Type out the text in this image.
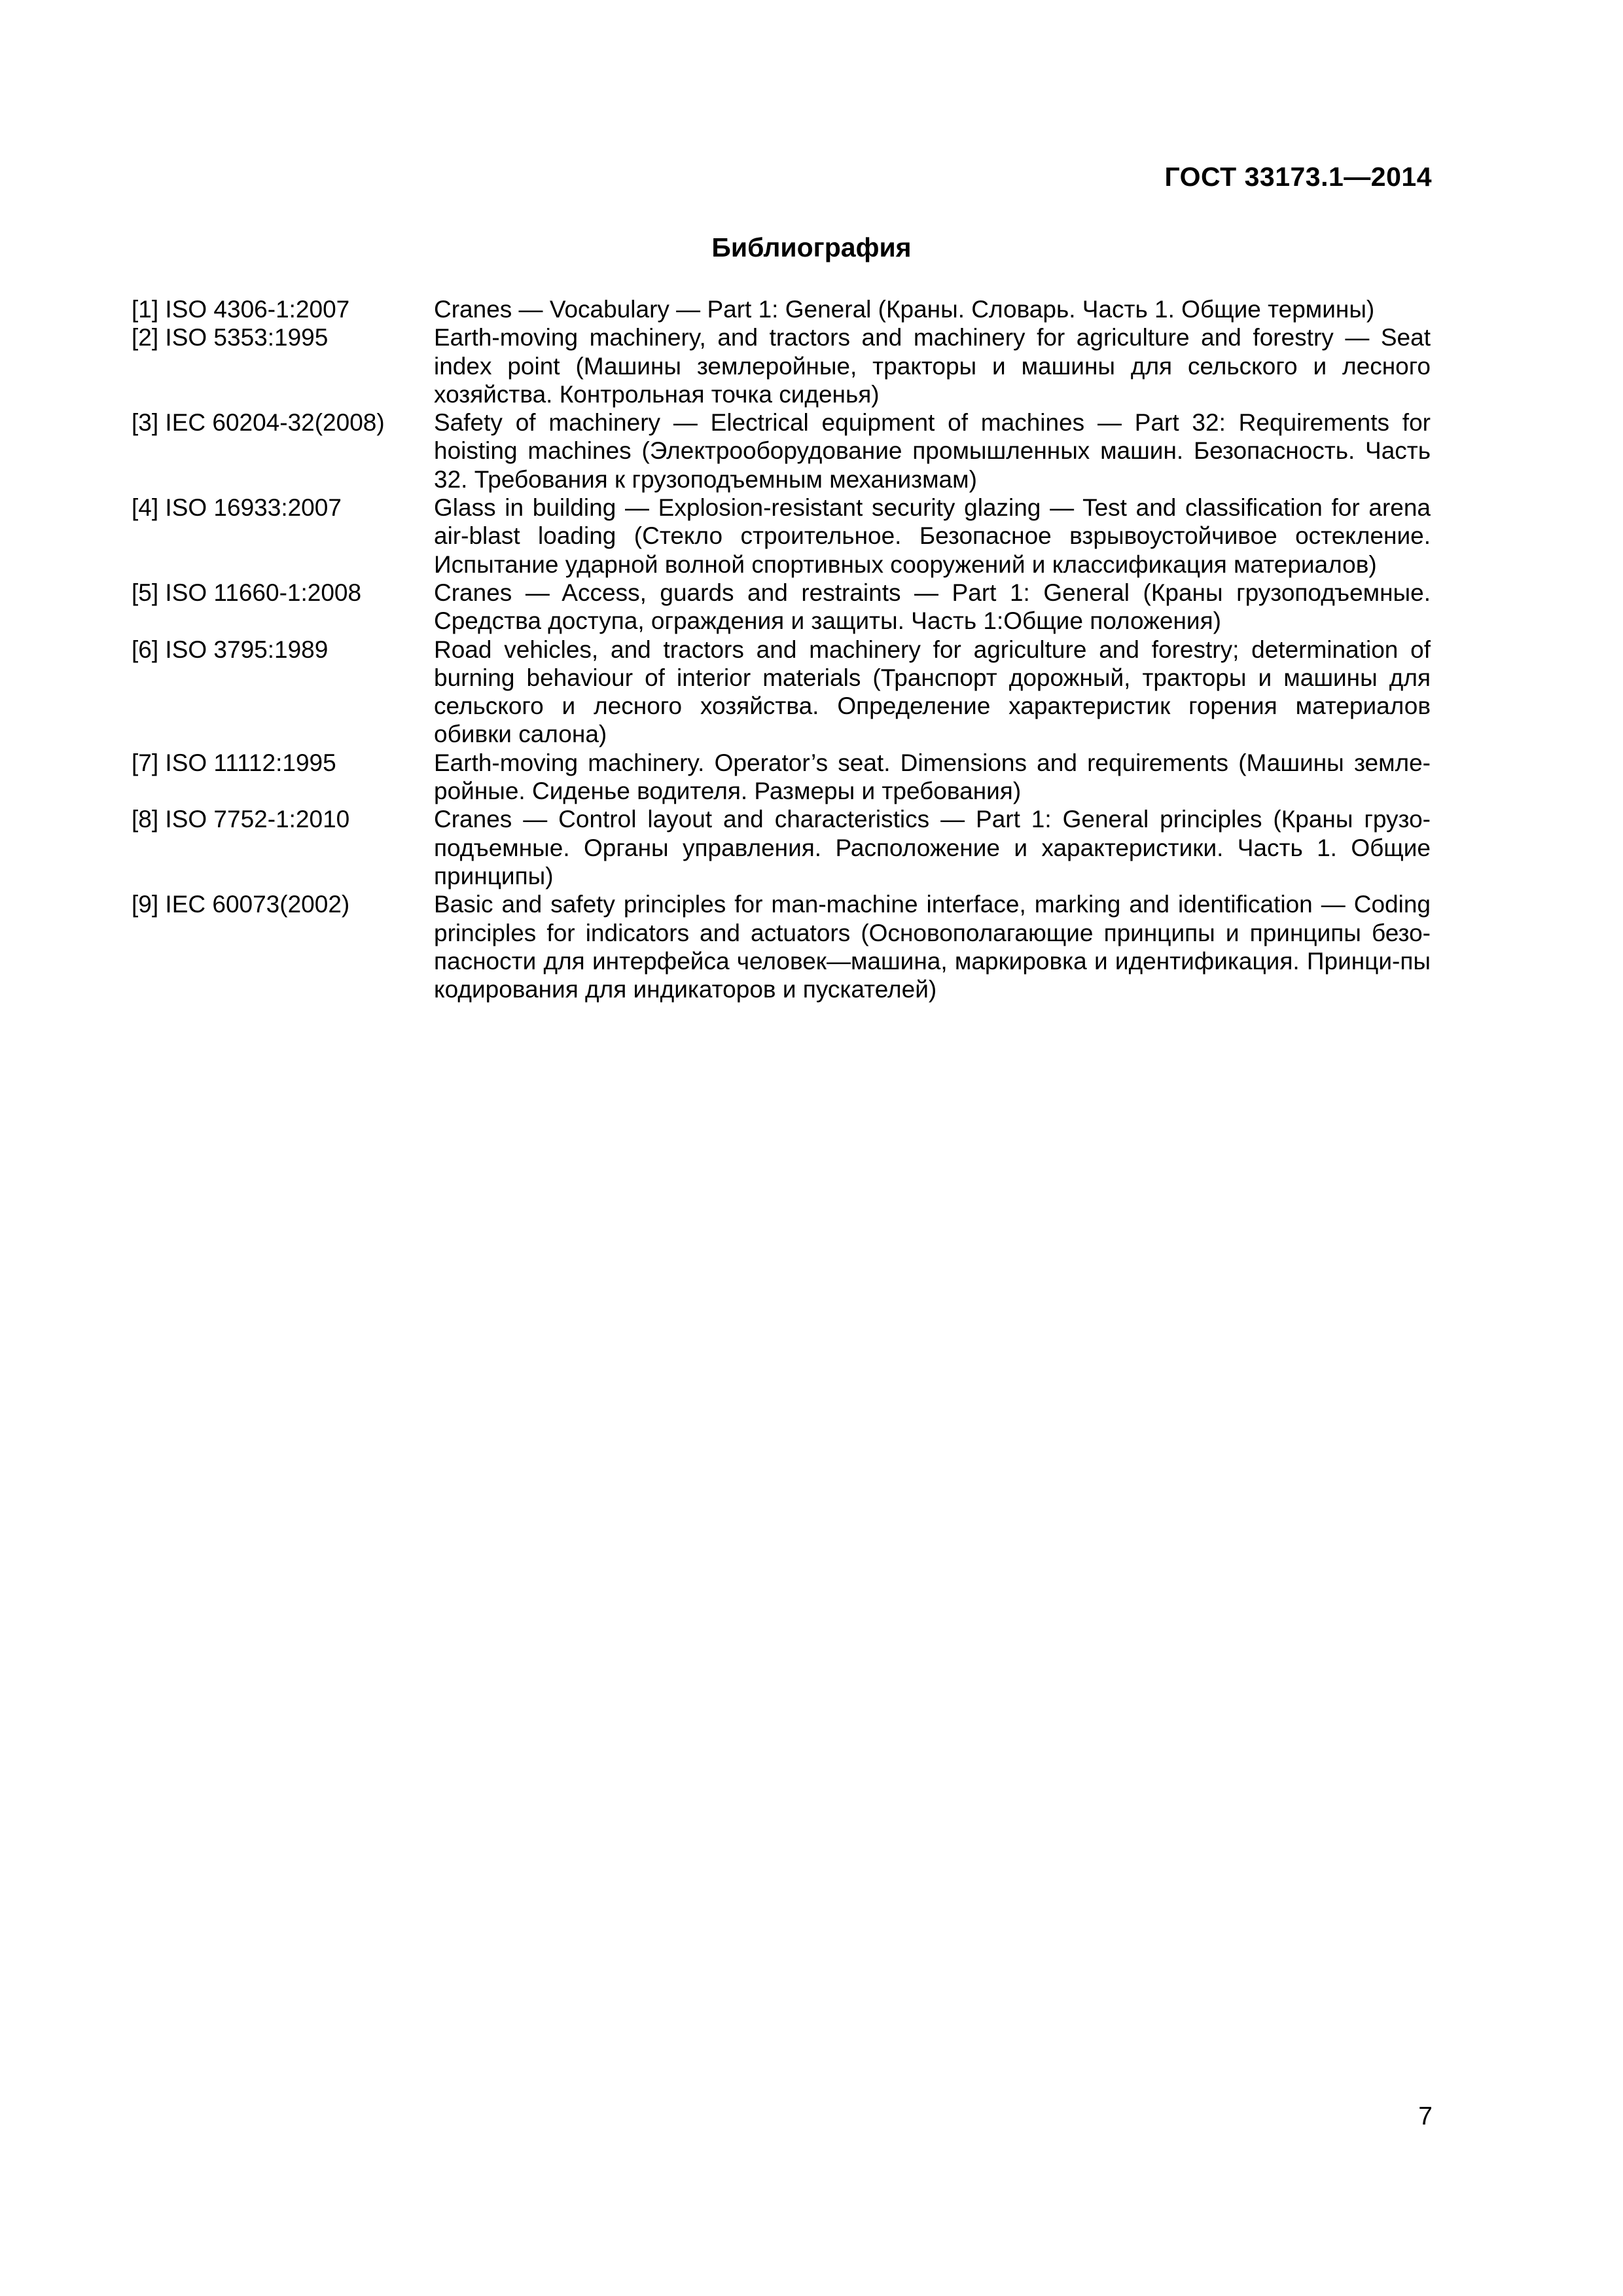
ГОСТ 33173.1—2014
Библиография
[1] ISO 4306-1:2007	Cranes — Vocabulary — Part 1: General (Краны. Словарь. Часть 1. Общие термины)
[2] ISO 5353:1995	Earth-moving machinery, and tractors and machinery for agriculture and forestry — Seat index point (Машины землеройные, тракторы и машины для сельского и лесного хозяйства. Контрольная точка сиденья)
[3] IEC 60204-32(2008)	Safety of machinery — Electrical equipment of machines — Part 32: Requirements for hoisting machines (Электрооборудование промышленных машин. Безопасность. Часть 32. Требования к грузоподъемным механизмам)
[4] ISO 16933:2007	Glass in building — Explosion-resistant security glazing — Test and classification for arena air-blast loading (Стекло строительное. Безопасное взрывоустойчивое остекление. Испытание ударной волной спортивных сооружений и классификация материалов)
[5] ISO 11660-1:2008	Cranes — Access, guards and restraints — Part 1: General (Краны грузоподъемные. Средства доступа, ограждения и защиты. Часть 1:Общие положения)
[6] ISO 3795:1989	Road vehicles, and tractors and machinery for agriculture and forestry; determination of burning behaviour of interior materials (Транспорт дорожный, тракторы и машины для сельского и лесного хозяйства. Определение характеристик горения материалов обивки салона)
[7] ISO 11112:1995	Earth-moving machinery. Operator’s seat. Dimensions and requirements (Машины земле-ройные. Сиденье водителя. Размеры и требования)
[8] ISO 7752-1:2010	Cranes — Control layout and characteristics — Part 1: General principles (Краны грузо-подъемные. Органы управления. Расположение и характеристики. Часть 1. Общие принципы)
[9] IEC 60073(2002)	Basic and safety principles for man-machine interface, marking and identification — Coding principles for indicators and actuators (Основополагающие принципы и принципы безо-пасности для интерфейса человек—машина, маркировка и идентификация. Принци-пы кодирования для индикаторов и пускателей)
7
